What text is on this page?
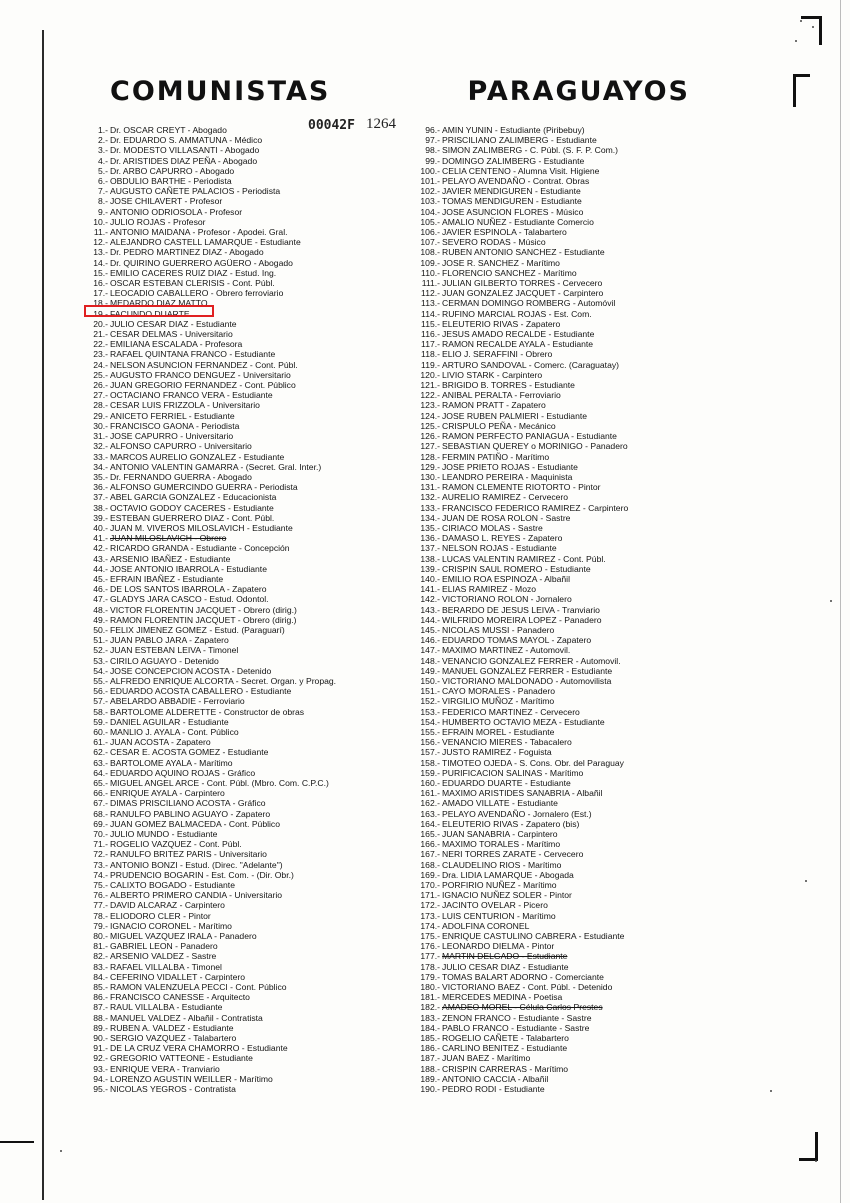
COMUNISTAS	PARAGUAYOS
00042F 1264
1.- Dr. OSCAR CREYT - Abogado
2.- Dr. EDUARDO S. AMMATUNA - Médico
3.- Dr. MODESTO VILLASANTI - Abogado
4.- Dr. ARISTIDES DIAZ PEÑA - Abogado
5.- Dr. ARBO CAPURRO - Abogado
6.- OBDULIO BARTHE - Periodista
7.- AUGUSTO CAÑETE PALACIOS - Periodista
8.- JOSE CHILAVERT - Profesor
9.- ANTONIO ODRIOSOLA - Profesor
10.- JULIO ROJAS - Profesor
11.- ANTONIO MAIDANA - Profesor - Apodei. Gral.
12.- ALEJANDRO CASTELL LAMARQUE - Estudiante
13.- Dr. PEDRO MARTINEZ DIAZ - Abogado
14.- Dr. QUIRINO GUERRERO AGÜERO - Abogado
15.- EMILIO CACERES RUIZ DIAZ - Estud. Ing.
16.- OSCAR ESTEBAN CLERISIS - Cont. Públ.
17.- LEOCADIO CABALLERO - Obrero ferroviario
18.- MEDARDO DIAZ MATTO
19.- FACUNDO DUARTE
20.- JULIO CESAR DIAZ - Estudiante
21.- CESAR DELMAS - Universitario
22.- EMILIANA ESCALADA - Profesora
23.- RAFAEL QUINTANA FRANCO - Estudiante
24.- NELSON ASUNCION FERNANDEZ - Cont. Públ.
25.- AUGUSTO FRANCO DENGUEZ - Universitario
26.- JUAN GREGORIO FERNANDEZ - Cont. Público
27.- OCTACIANO FRANCO VERA - Estudiante
28.- CESAR LUIS FRIZZOLA - Universitario
29.- ANICETO FERRIEL - Estudiante
30.- FRANCISCO GAONA - Periodista
31.- JOSE CAPURRO - Universitario
32.- ALFONSO CAPURRO - Universitario
33.- MARCOS AURELIO GONZALEZ - Estudiante
34.- ANTONIO VALENTIN GAMARRA - (Secret. Gral. Inter.)
35.- Dr. FERNANDO GUERRA - Abogado
36.- ALFONSO GUMERCINDO GUERRA - Periodista
37.- ABEL GARCIA GONZALEZ - Educacionista
38.- OCTAVIO GODOY CACERES - Estudiante
39.- ESTEBAN GUERRERO DIAZ - Cont. Públ.
40.- JUAN M. VIVEROS MILOSLAVICH - Estudiante
41.- JUAN MILOSLAVICH - Obrero
42.- RICARDO GRANDA - Estudiante - Concepción
43.- ARSENIO IBAÑEZ - Estudiante
44.- JOSE ANTONIO IBARROLA - Estudiante
45.- EFRAIN IBAÑEZ - Estudiante
46.- DE LOS SANTOS IBARROLA - Zapatero
47.- GLADYS JARA CASCO - Estud. Odontol.
48.- VICTOR FLORENTIN JACQUET - Obrero (dirig.)
49.- RAMON FLORENTIN JACQUET - Obrero (dirig.)
50.- FELIX JIMENEZ GOMEZ - Estud. (Paraguarí)
51.- JUAN PABLO JARA - Zapatero
52.- JUAN ESTEBAN LEIVA - Timonel
53.- CIRILO AGUAYO - Detenido
54.- JOSE CONCEPCION ACOSTA - Detenido
55.- ALFREDO ENRIQUE ALCORTA - Secret. Organ. y Propag.
56.- EDUARDO ACOSTA CABALLERO - Estudiante
57.- ABELARDO ABBADIE - Ferroviario
58.- BARTOLOME ALDERETTE - Constructor de obras
59.- DANIEL AGUILAR - Estudiante
60.- MANLIO J. AYALA - Cont. Público
61.- JUAN ACOSTA - Zapatero
62.- CESAR E. ACOSTA GOMEZ - Estudiante
63.- BARTOLOME AYALA - Marítimo
64.- EDUARDO AQUINO ROJAS - Gráfico
65.- MIGUEL ANGEL ARCE - Cont. Públ. (Mbro. Com. C.P.C.)
66.- ENRIQUE AYALA - Carpintero
67.- DIMAS PRISCILIANO ACOSTA - Gráfico
68.- RANULFO PABLINO AGUAYO - Zapatero
69.- JUAN GOMEZ BALMACEDA - Cont. Público
70.- JULIO MUNDO - Estudiante
71.- ROGELIO VAZQUEZ - Cont. Públ.
72.- RANULFO BRITEZ PARIS - Universitario
73.- ANTONIO BONZI - Estud. (Direc. "Adelante")
74.- PRUDENCIO BOGARIN - Est. Com. - (Dir. Obr.)
75.- CALIXTO BOGADO - Estudiante
76.- ALBERTO PRIMERO CANDIA - Universitario
77.- DAVID ALCARAZ - Carpintero
78.- ELIODORO CLER - Pintor
79.- IGNACIO CORONEL - Marítimo
80.- MIGUEL VAZQUEZ IRALA - Panadero
81.- GABRIEL LEON - Panadero
82.- ARSENIO VALDEZ - Sastre
83.- RAFAEL VILLALBA - Timonel
84.- CEFERINO VIDALLET - Carpintero
85.- RAMON VALENZUELA PECCI - Cont. Público
86.- FRANCISCO CANESSE - Arquitecto
87.- RAUL VILLALBA - Estudiante
88.- MANUEL VALDEZ - Albañil - Contratista
89.- RUBEN A. VALDEZ - Estudiante
90.- SERGIO VAZQUEZ - Talabartero
91.- DE LA CRUZ VERA CHAMORRO - Estudiante
92.- GREGORIO VATTEONE - Estudiante
93.- ENRIQUE VERA - Tranviario
94.- LORENZO AGUSTIN WEILLER - Marítimo
95.- NICOLAS YEGROS - Contratista
96.- AMIN YUNIN - Estudiante (Piribebuy)
97.- PRISCILIANO ZALIMBERG - Estudiante
98.- SIMON ZALIMBERG - C. Públ. (S. F. P. Com.)
99.- DOMINGO ZALIMBERG - Estudiante
100.- CELIA CENTENO - Alumna Visit. Higiene
101.- PELAYO AVENDAÑO - Contrat. Obras
102.- JAVIER MENDIGUREN - Estudiante
103.- TOMAS MENDIGUREN - Estudiante
104.- JOSE ASUNCION FLORES - Músico
105.- AMALIO NUÑEZ - Estudiante Comercio
106.- JAVIER ESPINOLA - Talabartero
107.- SEVERO RODAS - Músico
108.- RUBEN ANTONIO SANCHEZ - Estudiante
109.- JOSE R. SANCHEZ - Marítimo
110.- FLORENCIO SANCHEZ - Marítimo
111.- JULIAN GILBERTO TORRES - Cervecero
112.- JUAN GONZALEZ JACQUET - Carpintero
113.- CERMAN DOMINGO ROMBERG - Automóvil
114.- RUFINO MARCIAL ROJAS - Est. Com.
115.- ELEUTERIO RIVAS - Zapatero
116.- JESUS AMADO RECALDE - Estudiante
117.- RAMON RECALDE AYALA - Estudiante
118.- ELIO J. SERAFFINI - Obrero
119.- ARTURO SANDOVAL - Comerc. (Caraguatay)
120.- LIVIO STARK - Carpintero
121.- BRIGIDO B. TORRES - Estudiante
122.- ANIBAL PERALTA - Ferroviario
123.- RAMON PRATT - Zapatero
124.- JOSE RUBEN PALMIERI - Estudiante
125.- CRISPULO PEÑA - Mecánico
126.- RAMON PERFECTO PANIAGUA - Estudiante
127.- SEBASTIAN QUEREY o MORINIGO - Panadero
128.- FERMIN PATIÑO - Marítimo
129.- JOSE PRIETO ROJAS - Estudiante
130.- LEANDRO PEREIRA - Maquinista
131.- RAMON CLEMENTE RIOTORTO - Pintor
132.- AURELIO RAMIREZ - Cervecero
133.- FRANCISCO FEDERICO RAMIREZ - Carpintero
134.- JUAN DE ROSA ROLON - Sastre
135.- CIRIACO MOLAS - Sastre
136.- DAMASO L. REYES - Zapatero
137.- NELSON ROJAS - Estudiante
138.- LUCAS VALENTIN RAMIREZ - Cont. Públ.
139.- CRISPIN SAUL ROMERO - Estudiante
140.- EMILIO ROA ESPINOZA - Albañil
141.- ELIAS RAMIREZ - Mozo
142.- VICTORIANO ROLON - Jornalero
143.- BERARDO DE JESUS LEIVA - Tranviario
144.- WILFRIDO MOREIRA LOPEZ - Panadero
145.- NICOLAS MUSSI - Panadero
146.- EDUARDO TOMAS MAYOL - Zapatero
147.- MAXIMO MARTINEZ - Automovil.
148.- VENANCIO GONZALEZ FERRER - Automovil.
149.- MANUEL GONZALEZ FERRER - Estudiante
150.- VICTORIANO MALDONADO - Automovilista
151.- CAYO MORALES - Panadero
152.- VIRGILIO MUÑOZ - Marítimo
153.- FEDERICO MARTINEZ - Cervecero
154.- HUMBERTO OCTAVIO MEZA - Estudiante
155.- EFRAIN MOREL - Estudiante
156.- VENANCIO MIERES - Tabacalero
157.- JUSTO RAMIREZ - Foguista
158.- TIMOTEO OJEDA - S. Cons. Obr. del Paraguay
159.- PURIFICACION SALINAS - Marítimo
160.- EDUARDO DUARTE - Estudiante
161.- MAXIMO ARISTIDES SANABRIA - Albañil
162.- AMADO VILLATE - Estudiante
163.- PELAYO AVENDAÑO - Jornalero (Est.)
164.- ELEUTERIO RIVAS - Zapatero (bis)
165.- JUAN SANABRIA - Carpintero
166.- MAXIMO TORALES - Marítimo
167.- NERI TORRES ZARATE - Cervecero
168.- CLAUDELINO RIOS - Marítimo
169.- Dra. LIDIA LAMARQUE - Abogada
170.- PORFIRIO NUÑEZ - Marítimo
171.- IGNACIO NUÑEZ SOLER - Pintor
172.- JACINTO OVELAR - Picero
173.- LUIS CENTURION - Marítimo
174.- ADOLFINA CORONEL
175.- ENRIQUE CASTULINO CABRERA - Estudiante
176.- LEONARDO DIELMA - Pintor
177.- MARTIN DELGADO - Estudiante
178.- JULIO CESAR DIAZ - Estudiante
179.- TOMAS BALART ADORNO - Comerciante
180.- VICTORIANO BAEZ - Cont. Públ. - Detenido
181.- MERCEDES MEDINA - Poetisa
182.- AMADEO MOREL - Célula Carlos Prestes
183.- ZENON FRANCO - Estudiante - Sastre
184.- PABLO FRANCO - Estudiante - Sastre
185.- ROGELIO CAÑETE - Talabartero
186.- CARLINO BENITEZ - Estudiante
187.- JUAN BAEZ - Marítimo
188.- CRISPIN CARRERAS - Marítimo
189.- ANTONIO CACCIA - Albañil
190.- PEDRO RODI - Estudiante
